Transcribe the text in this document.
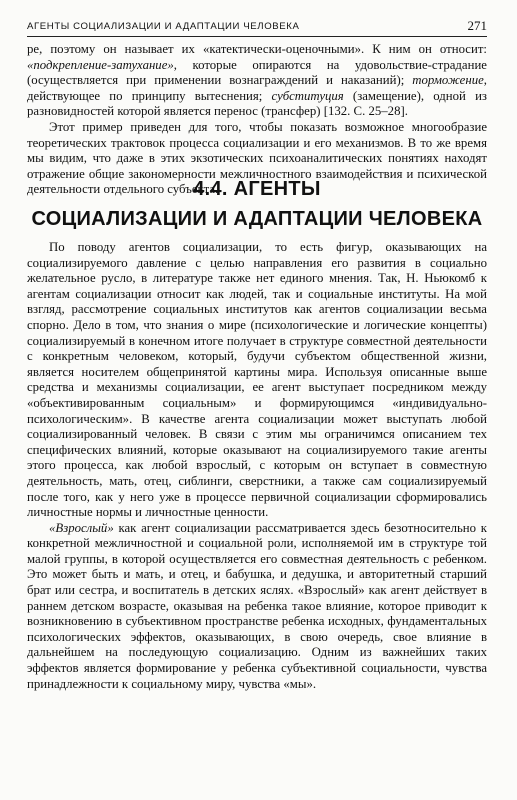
АГЕНТЫ СОЦИАЛИЗАЦИИ И АДАПТАЦИИ ЧЕЛОВЕКА	271

ре, поэтому он называет их «катектически-оценочными». К ним он относит: «подкрепление-затухание», которые опираются на удовольствие-страдание (осуществляется при применении вознаграждений и наказаний); торможение, действующее по принципу вытеснения; субституция (замещение), одной из разновидностей которой является перенос (трансфер) [132. С. 25–28].

Этот пример приведен для того, чтобы показать возможное многообразие теоретических трактовок процесса социализации и его механизмов. В то же время мы видим, что даже в этих экзотических психоаналитических понятиях находят отражение общие закономерности межличностного взаимодействия и психической деятельности отдельного субъекта.

4.4. АГЕНТЫ
СОЦИАЛИЗАЦИИ И АДАПТАЦИИ ЧЕЛОВЕКА

По поводу агентов социализации, то есть фигур, оказывающих на социализируемого давление с целью направления его развития в социально желательное русло, в литературе также нет единого мнения. Так, Н. Ньюкомб к агентам социализации относит как людей, так и социальные институты. На мой взгляд, рассмотрение социальных институтов как агентов социализации весьма спорно. Дело в том, что знания о мире (психологические и логические концепты) социализируемый в конечном итоге получает в структуре совместной деятельности с конкретным человеком, который, будучи субъектом общественной жизни, является носителем общепринятой картины мира. Используя описанные выше средства и механизмы социализации, ее агент выступает посредником между «объективированным социальным» и формирующимся «индивидуально-психологическим». В качестве агента социализации может выступать любой социализированный человек. В связи с этим мы ограничимся описанием тех специфических влияний, которые оказывают на социализируемого такие агенты этого процесса, как любой взрослый, с которым он вступает в совместную деятельность, мать, отец, сиблинги, сверстники, а также сам социализируемый после того, как у него уже в процессе первичной социализации сформировались личностные нормы и личностные ценности.

«Взрослый» как агент социализации рассматривается здесь безотносительно к конкретной межличностной и социальной роли, исполняемой им в структуре той малой группы, в которой осуществляется его совместная деятельность с ребенком. Это может быть и мать, и отец, и бабушка, и дедушка, и авторитетный старший брат или сестра, и воспитатель в детских яслях. «Взрослый» как агент действует в раннем детском возрасте, оказывая на ребенка такое влияние, которое приводит к возникновению в субъективном пространстве ребенка исходных, фундаментальных психологических эффектов, оказывающих, в свою очередь, свое влияние в дальнейшем на последующую социализацию. Одним из важнейших таких эффектов является формирование у ребенка субъективной социальности, чувства принадлежности к социальному миру, чувства «мы».
